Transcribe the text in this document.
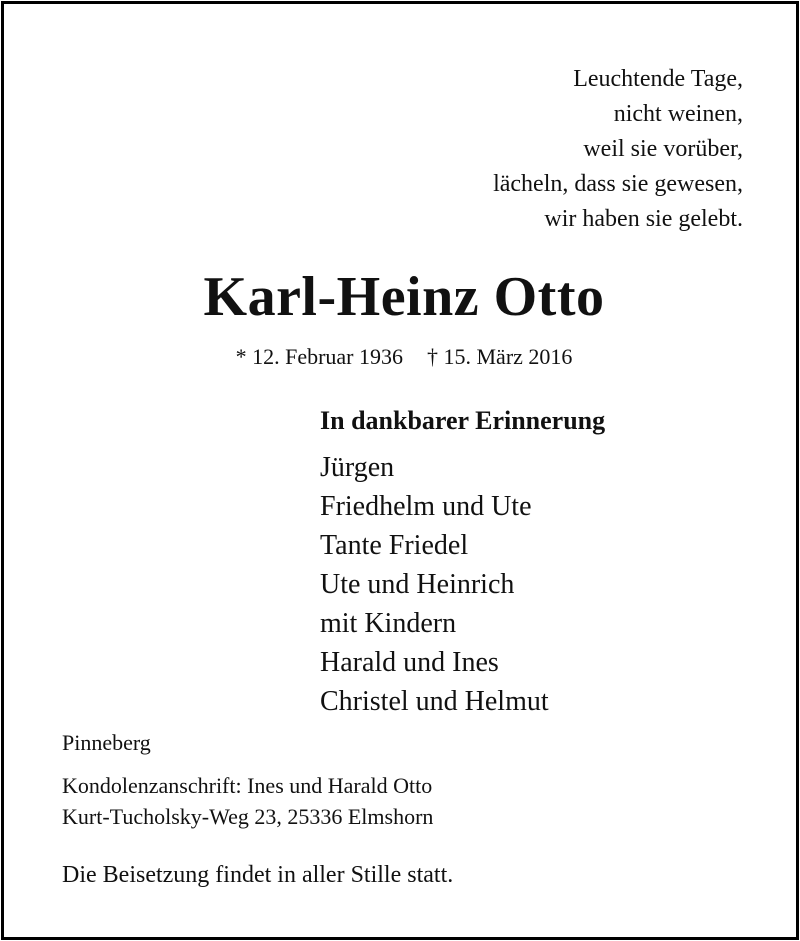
Leuchtende Tage,
nicht weinen,
weil sie vorüber,
lächeln, dass sie gewesen,
wir haben sie gelebt.
Karl-Heinz Otto
* 12. Februar 1936 † 15. März 2016
In dankbarer Erinnerung
Jürgen
Friedhelm und Ute
Tante Friedel
Ute und Heinrich
mit Kindern
Harald und Ines
Christel und Helmut
Pinneberg
Kondolenzanschrift: Ines und Harald Otto
Kurt-Tucholsky-Weg 23, 25336 Elmshorn
Die Beisetzung findet in aller Stille statt.
